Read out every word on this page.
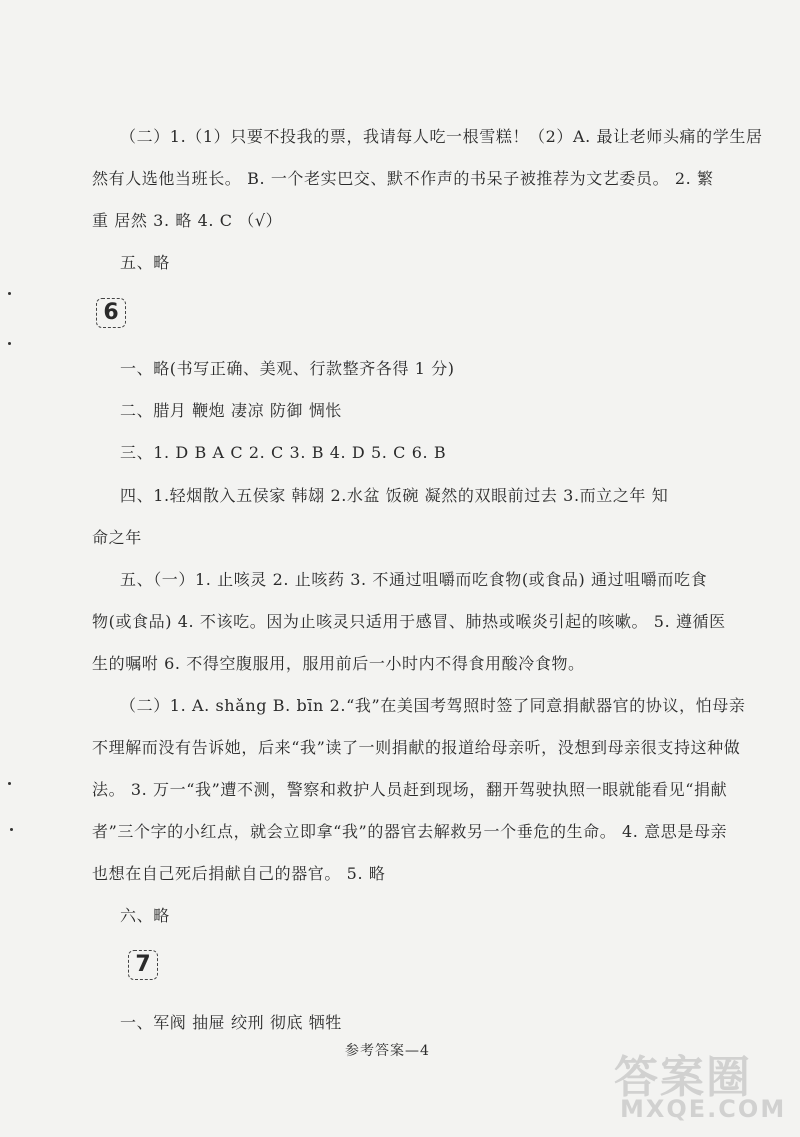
（二）1.（1）只要不投我的票，我请每人吃一根雪糕！（2）A. 最让老师头痛的学生居
然有人选他当班长。 B. 一个老实巴交、默不作声的书呆子被推荐为文艺委员。 2. 繁
重 居然 3. 略 4. C （√）
五、略
6
一、略(书写正确、美观、行款整齐各得 1 分)
二、腊月 鞭炮 凄凉 防御 惆怅
三、1. D B A C 2. C 3. B 4. D 5. C 6. B
四、1.轻烟散入五侯家 韩翃 2.水盆 饭碗 凝然的双眼前过去 3.而立之年 知
命之年
五、（一）1. 止咳灵 2. 止咳药 3. 不通过咀嚼而吃食物(或食品) 通过咀嚼而吃食
物(或食品) 4. 不该吃。因为止咳灵只适用于感冒、肺热或喉炎引起的咳嗽。 5. 遵循医
生的嘱咐 6. 不得空腹服用，服用前后一小时内不得食用酸冷食物。
（二）1. A. shǎng B. bīn 2.“我”在美国考驾照时签了同意捐献器官的协议，怕母亲
不理解而没有告诉她，后来“我”读了一则捐献的报道给母亲听，没想到母亲很支持这种做
法。 3. 万一“我”遭不测，警察和救护人员赶到现场，翻开驾驶执照一眼就能看见“捐献
者”三个字的小红点，就会立即拿“我”的器官去解救另一个垂危的生命。 4. 意思是母亲
也想在自己死后捐献自己的器官。 5. 略
六、略
7
一、军阀 抽屉 绞刑 彻底 牺牲
参考答案—4
答案圈
MXQE.COM
